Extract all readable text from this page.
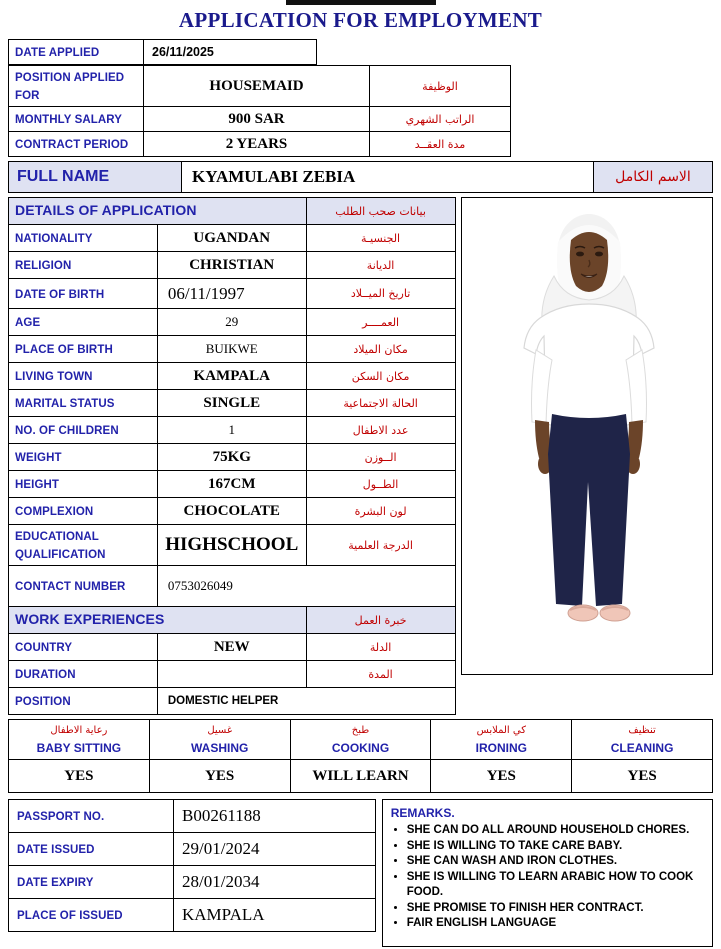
APPLICATION FOR EMPLOYMENT
DATE APPLIED	26/11/2025
POSITION APPLIED FOR	HOUSEMAID	الوظيفة
MONTHLY SALARY	900 SAR	الراتب الشهري
CONTRACT PERIOD	2 YEARS	مدة العقــد
FULL NAME	KYAMULABI ZEBIA	الاسم الكامل
DETAILS OF APPLICATION		بيانات صحب الطلب
NATIONALITY	UGANDAN	الجنسيـة
RELIGION	CHRISTIAN	الديانة
DATE OF BIRTH	06/11/1997	تاريخ الميــلاد
AGE	29	العمــــر
PLACE OF BIRTH	BUIKWE	مكان الميلاد
LIVING TOWN	KAMPALA	مكان السكن
MARITAL STATUS	SINGLE	الحالة الاجتماعية
NO. OF CHILDREN	1	عدد الاطفال
WEIGHT	75KG	الــوزن
HEIGHT	167CM	الطــول
COMPLEXION	CHOCOLATE	لون البشرة
EDUCATIONAL QUALIFICATION	HIGHSCHOOL	الدرجة العلمية
CONTACT NUMBER	0753026049	
WORK EXPERIENCES		خبرة العمل
COUNTRY	NEW	الدلة
DURATION		المدة
POSITION	DOMESTIC HELPER	
رعاية الاطفال	غسيل	طبخ	كي الملابس	تنظيف
BABY SITTING	WASHING	COOKING	IRONING	CLEANING
YES	YES	WILL LEARN	YES	YES
PASSPORT NO.	B00261188
DATE ISSUED	29/01/2024
DATE EXPIRY	28/01/2034
PLACE OF ISSUED	KAMPALA
REMARKS.
• SHE CAN DO ALL AROUND HOUSEHOLD CHORES.
• SHE IS WILLING TO TAKE CARE BABY.
• SHE CAN WASH AND IRON CLOTHES.
• SHE IS WILLING TO LEARN ARABIC HOW TO COOK FOOD.
• SHE PROMISE TO FINISH HER CONTRACT.
• FAIR ENGLISH LANGUAGE
